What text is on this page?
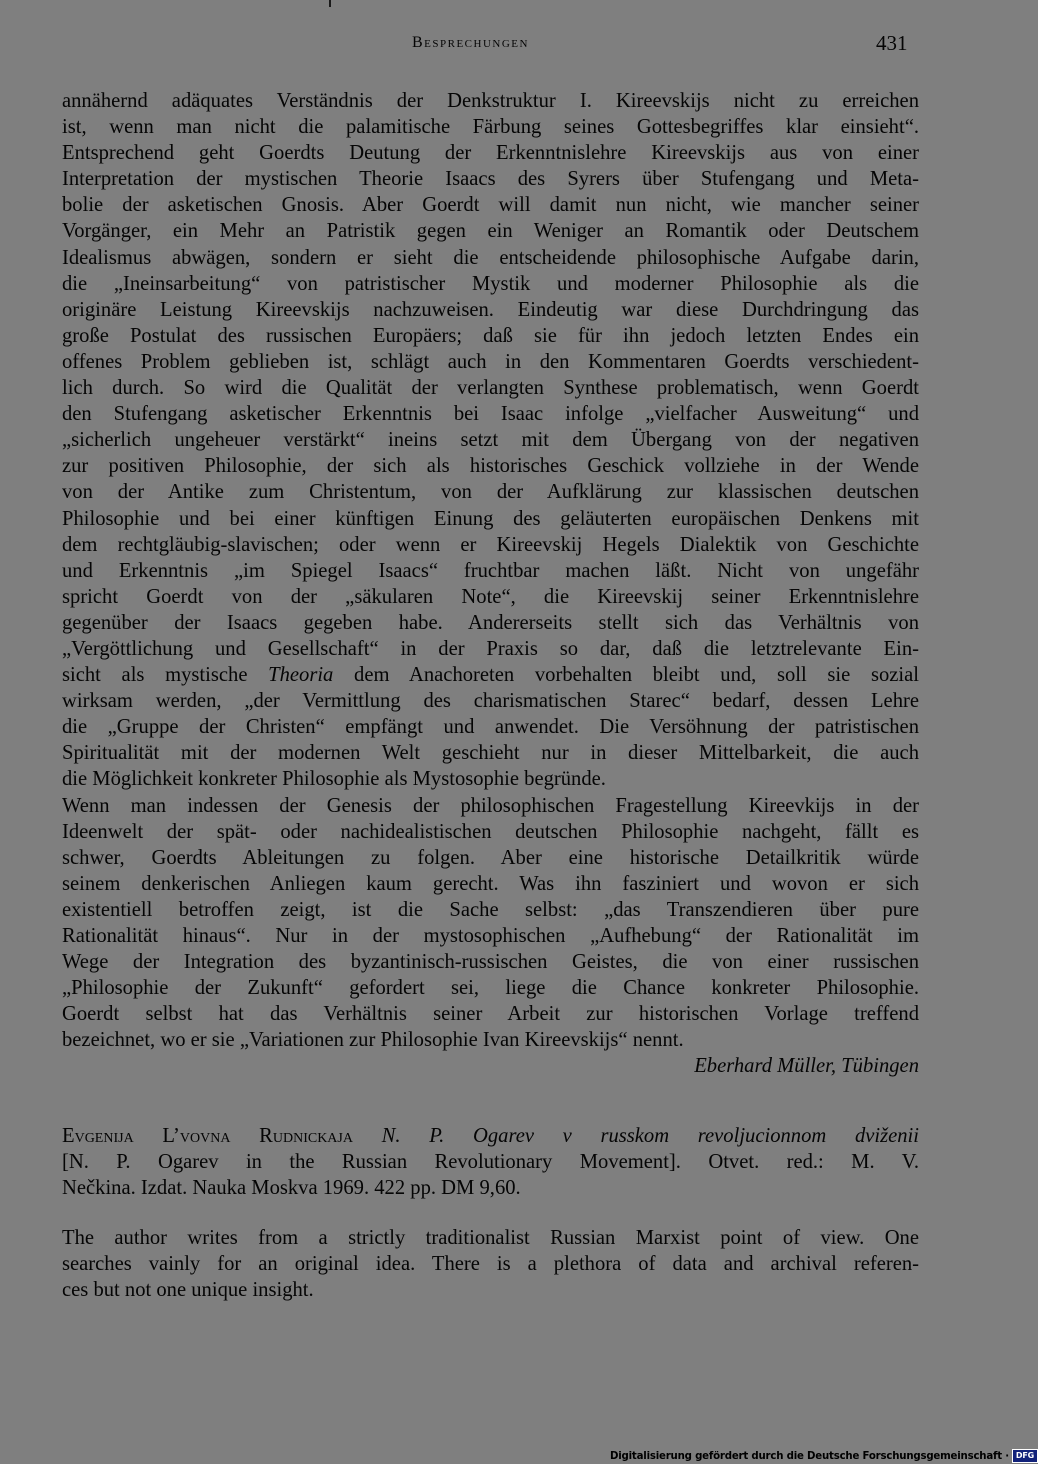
Besprechungen	431
annähernd adäquates Verständnis der Denkstruktur I. Kireevskijs nicht zu erreichen
ist, wenn man nicht die palamitische Färbung seines Gottesbegriffes klar einsieht“.
Entsprechend geht Goerdts Deutung der Erkenntnislehre Kireevskijs aus von einer
Interpretation der mystischen Theorie Isaacs des Syrers über Stufengang und Meta-
bolie der asketischen Gnosis. Aber Goerdt will damit nun nicht, wie mancher seiner
Vorgänger, ein Mehr an Patristik gegen ein Weniger an Romantik oder Deutschem
Idealismus abwägen, sondern er sieht die entscheidende philosophische Aufgabe darin,
die „Ineinsarbeitung“ von patristischer Mystik und moderner Philosophie als die
originäre Leistung Kireevskijs nachzuweisen. Eindeutig war diese Durchdringung das
große Postulat des russischen Europäers; daß sie für ihn jedoch letzten Endes ein
offenes Problem geblieben ist, schlägt auch in den Kommentaren Goerdts verschiedent-
lich durch. So wird die Qualität der verlangten Synthese problematisch, wenn Goerdt
den Stufengang asketischer Erkenntnis bei Isaac infolge „vielfacher Ausweitung“ und
„sicherlich ungeheuer verstärkt“ ineins setzt mit dem Übergang von der negativen
zur positiven Philosophie, der sich als historisches Geschick vollziehe in der Wende
von der Antike zum Christentum, von der Aufklärung zur klassischen deutschen
Philosophie und bei einer künftigen Einung des geläuterten europäischen Denkens mit
dem rechtgläubig-slavischen; oder wenn er Kireevskij Hegels Dialektik von Geschichte
und Erkenntnis „im Spiegel Isaacs“ fruchtbar machen läßt. Nicht von ungefähr
spricht Goerdt von der „säkularen Note“, die Kireevskij seiner Erkenntnislehre
gegenüber der Isaacs gegeben habe. Andererseits stellt sich das Verhältnis von
„Vergöttlichung und Gesellschaft“ in der Praxis so dar, daß die letztrelevante Ein-
sicht als mystische Theoria dem Anachoreten vorbehalten bleibt und, soll sie sozial
wirksam werden, „der Vermittlung des charismatischen Starec“ bedarf, dessen Lehre
die „Gruppe der Christen“ empfängt und anwendet. Die Versöhnung der patristischen
Spiritualität mit der modernen Welt geschieht nur in dieser Mittelbarkeit, die auch
die Möglichkeit konkreter Philosophie als Mystosophie begründe.
Wenn man indessen der Genesis der philosophischen Fragestellung Kireevkijs in der
Ideenwelt der spät- oder nachidealistischen deutschen Philosophie nachgeht, fällt es
schwer, Goerdts Ableitungen zu folgen. Aber eine historische Detailkritik würde
seinem denkerischen Anliegen kaum gerecht. Was ihn fasziniert und wovon er sich
existentiell betroffen zeigt, ist die Sache selbst: „das Transzendieren über pure
Rationalität hinaus“. Nur in der mystosophischen „Aufhebung“ der Rationalität im
Wege der Integration des byzantinisch-russischen Geistes, die von einer russischen
„Philosophie der Zukunft“ gefordert sei, liege die Chance konkreter Philosophie.
Goerdt selbst hat das Verhältnis seiner Arbeit zur historischen Vorlage treffend
bezeichnet, wo er sie „Variationen zur Philosophie Ivan Kireevskijs“ nennt.
Eberhard Müller, Tübingen
Evgenija L’vovna Rudnickaja N. P. Ogarev v russkom revoljucionnom dviženii
[N. P. Ogarev in the Russian Revolutionary Movement]. Otvet. red.: M. V.
Nečkina. Izdat. Nauka Moskva 1969. 422 pp. DM 9,60.
The author writes from a strictly traditionalist Russian Marxist point of view. One
searches vainly for an original idea. There is a plethora of data and archival referen-
ces but not one unique insight.
Digitalisierung gefördert durch die Deutsche Forschungsgemeinschaft · DFG
